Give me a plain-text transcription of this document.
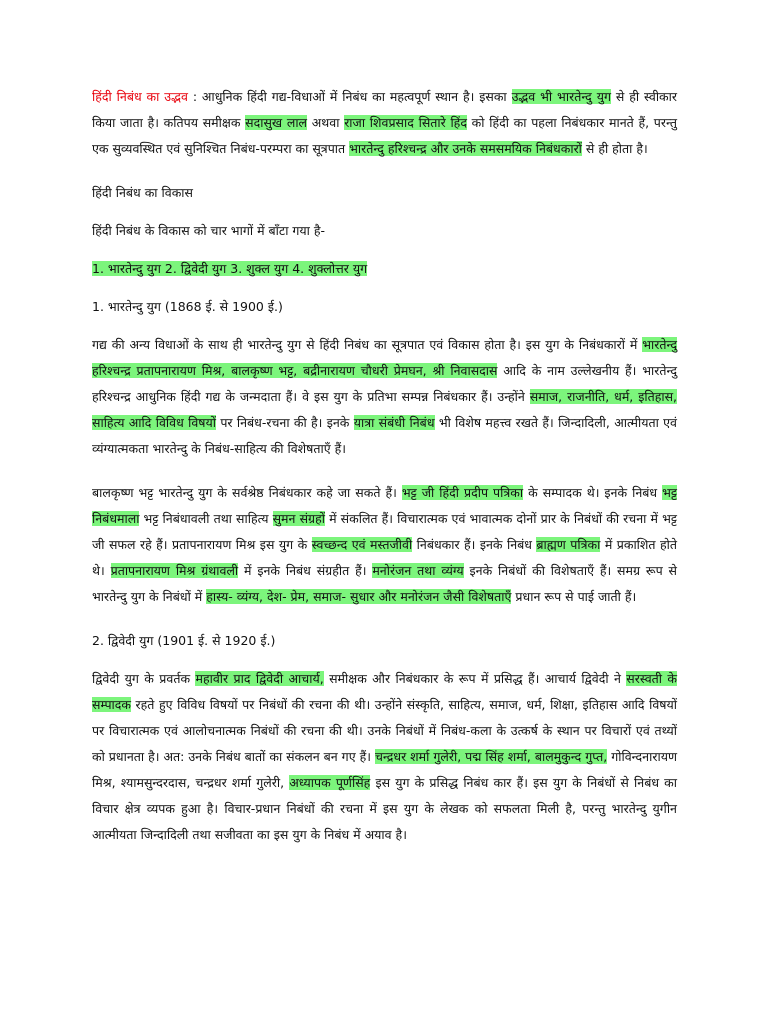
हिंदी निबंध का उद्भव : आधुनिक हिंदी गद्य-विधाओं में निबंध का महत्वपूर्ण स्थान है। इसका उद्भव भी भारतेन्दु युग से ही स्वीकार किया जाता है। कतिपय समीक्षक सदासुख लाल अथवा राजा शिवप्रसाद सितारे हिंद को हिंदी का पहला निबंधकार मानते हैं, परन्तु एक सुव्यवस्थित एवं सुनिश्चित निबंध-परम्परा का सूत्रपात भारतेन्दु हरिश्चन्द्र और उनके समसमयिक निबंधकारों से ही होता है।

हिंदी निबंध का विकास

हिंदी निबंध के विकास को चार भागों में बाँटा गया है-

1. भारतेन्दु युग 2. द्विवेदी युग 3. शुक्ल युग 4. शुक्लोत्तर युग

1. भारतेन्दु युग (1868 ई. से 1900 ई.)

गद्य की अन्य विधाओं के साथ ही भारतेन्दु युग से हिंदी निबंध का सूत्रपात एवं विकास होता है। इस युग के निबंधकारों में भारतेन्दु हरिश्चन्द्र प्रतापनारायण मिश्र, बालकृष्ण भट्ट, बद्रीनारायण चौधरी प्रेमघन, श्री निवासदास आदि के नाम उल्लेखनीय हैं। भारतेन्दु हरिश्चन्द्र आधुनिक हिंदी गद्य के जन्मदाता हैं। वे इस युग के प्रतिभा सम्पन्न निबंधकार हैं। उन्होंने समाज, राजनीति, धर्म, इतिहास, साहित्य आदि विविध विषयों पर निबंध-रचना की है। इनके यात्रा संबंधी निबंध भी विशेष महत्त्व रखते हैं। जिन्दादिली, आत्मीयता एवं व्यंग्यात्मकता भारतेन्दु के निबंध-साहित्य की विशेषताएँ हैं।

बालकृष्ण भट्ट भारतेन्दु युग के सर्वश्रेष्ठ निबंधकार कहे जा सकते हैं। भट्ट जी हिंदी प्रदीप पत्रिका के सम्पादक थे। इनके निबंध भट्ट निबंधमाला भट्ट निबंधावली तथा साहित्य सुमन संग्रहों में संकलित हैं। विचारात्मक एवं भावात्मक दोनों प्रार के निबंधों की रचना में भट्ट जी सफल रहे हैं। प्रतापनारायण मिश्र इस युग के स्वच्छन्द एवं मस्तजीवी निबंधकार हैं। इनके निबंध ब्राह्मण पत्रिका में प्रकाशित होते थे। प्रतापनारायण मिश्र ग्रंथावली में इनके निबंध संग्रहीत हैं। मनोरंजन तथा व्यंग्य इनके निबंधों की विशेषताएँ हैं। समग्र रूप से भारतेन्दु युग के निबंधों में हास्य- व्यंग्य, देश- प्रेम, समाज- सुधार और मनोरंजन जैसी विशेषताएँ प्रधान रूप से पाई जाती हैं।

2. द्विवेदी युग (1901 ई. से 1920 ई.)

द्विवेदी युग के प्रवर्तक महावीर प्राद द्विवेदी आचार्य, समीक्षक और निबंधकार के रूप में प्रसिद्ध हैं। आचार्य द्विवेदी ने सरस्वती के सम्पादक रहते हुए विविध विषयों पर निबंधों की रचना की थी। उन्होंने संस्कृति, साहित्य, समाज, धर्म, शिक्षा, इतिहास आदि विषयों पर विचारात्मक एवं आलोचनात्मक निबंधों की रचना की थी। उनके निबंधों में निबंध-कला के उत्कर्ष के स्थान पर विचारों एवं तथ्यों को प्रधानता है। अत: उनके निबंध बातों का संकलन बन गए हैं। चन्द्रधर शर्मा गुलेरी, पद्म सिंह शर्मा, बालमुकुन्द गुप्त, गोविन्दनारायण मिश्र, श्यामसुन्दरदास, चन्द्रधर शर्मा गुलेरी, अध्यापक पूर्णसिंह इस युग के प्रसिद्ध निबंध कार हैं। इस युग के निबंधों से निबंध का विचार क्षेत्र व्यपक हुआ है। विचार-प्रधान निबंधों की रचना में इस युग के लेखक को सफलता मिली है, परन्तु भारतेन्दु युगीन आत्मीयता जिन्दादिली तथा सजीवता का इस युग के निबंध में अयाव है।
